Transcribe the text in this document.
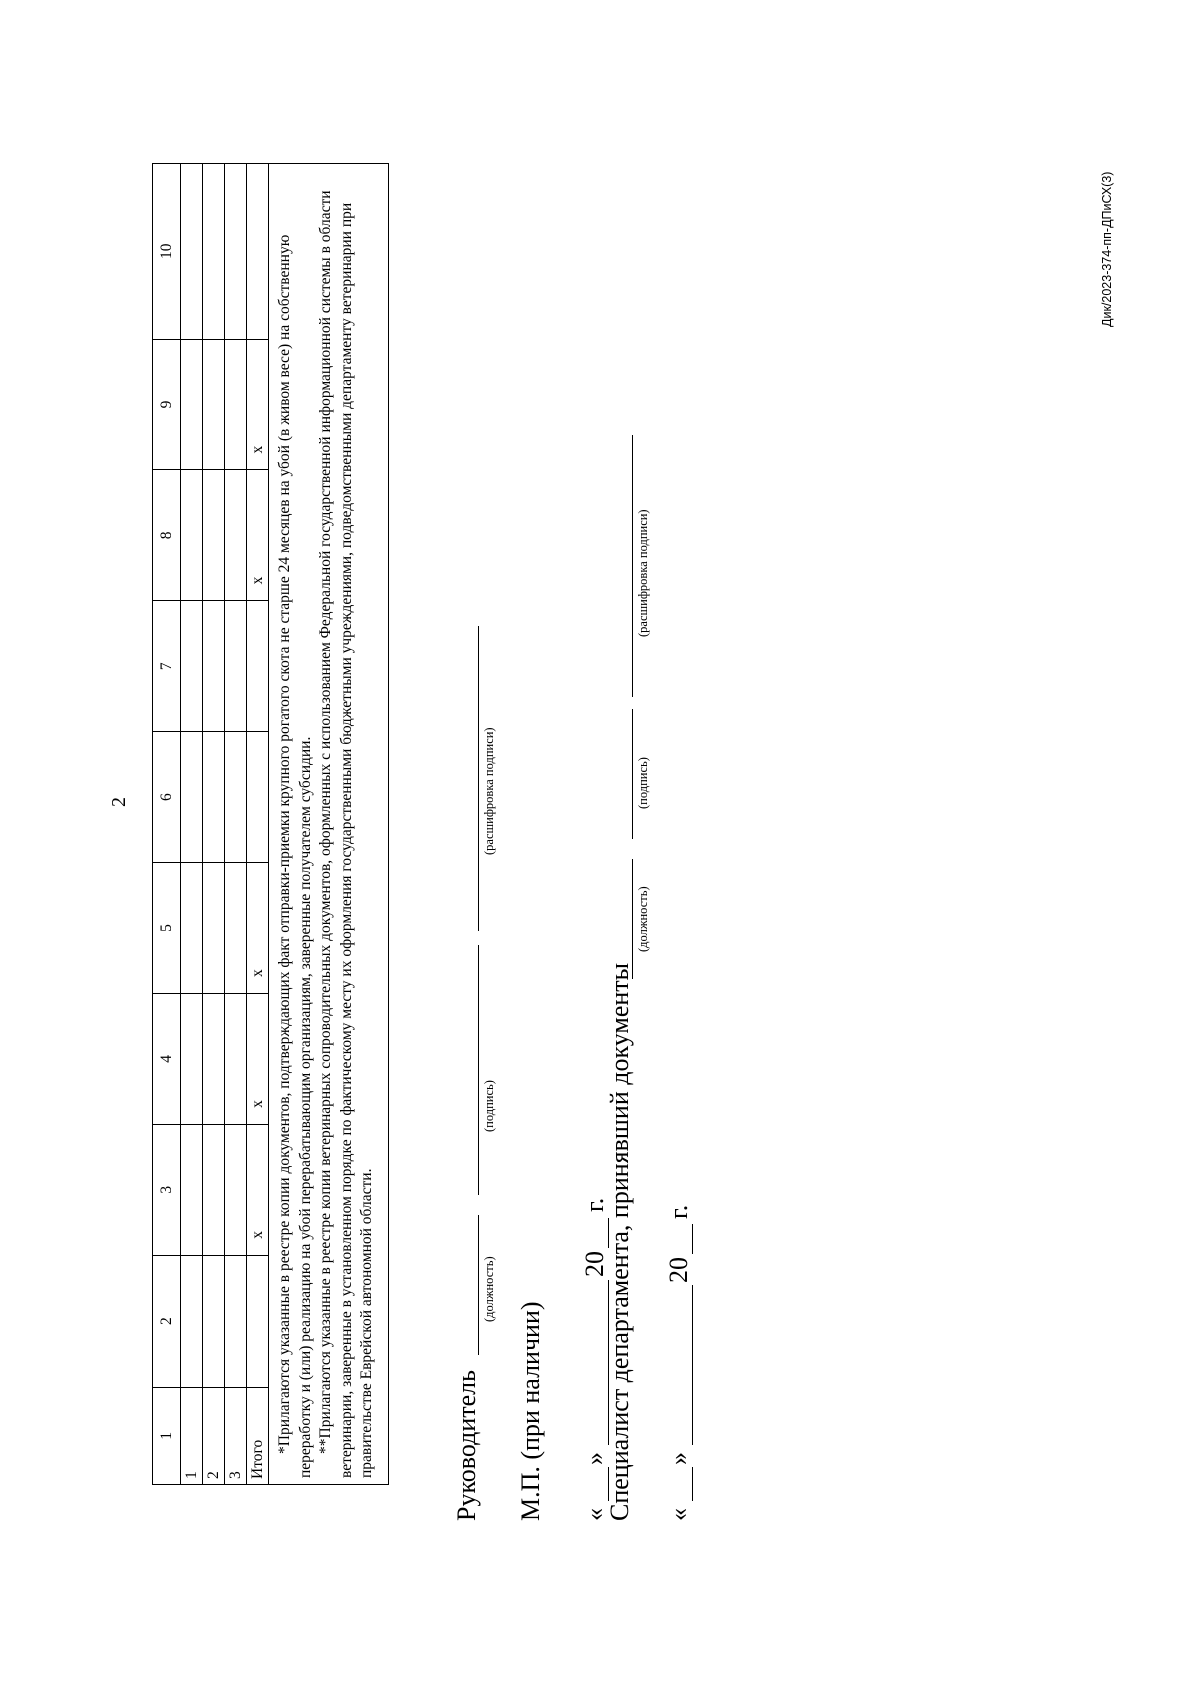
2
1	2	3	4	5	6	7	8	9	10
1									
2									
3									
Итого		х	х	х			х	х	

*Прилагаются указанные в реестре копии документов, подтверждающих факт отправки-приемки крупного рогатого скота не старше 24 месяцев на убой (в живом весе) на собственную переработку и (или) реализацию на убой перерабатывающим организациям, заверенные получателем субсидии. **Прилагаются указанные в реестре копии ветеринарных сопроводительных документов, оформленных с использованием Федеральной государственной информационной системы в области ветеринарии, заверенные в установленном порядке по фактическому месту их оформления государственными бюджетными учреждениями, подведомственными департаменту ветеринарии при правительстве Еврейской автономной области.										Руководитель
(должность)
(подпись)
(расшифровка подписи)
М.П. (при наличии) «
»
20
г.
Специалист департамента, принявший документы
(должность)
(подпись)
(расшифровка подписи)
«
»
20
г.
Дик/2023-374-пп-ДПиСХ(3)
